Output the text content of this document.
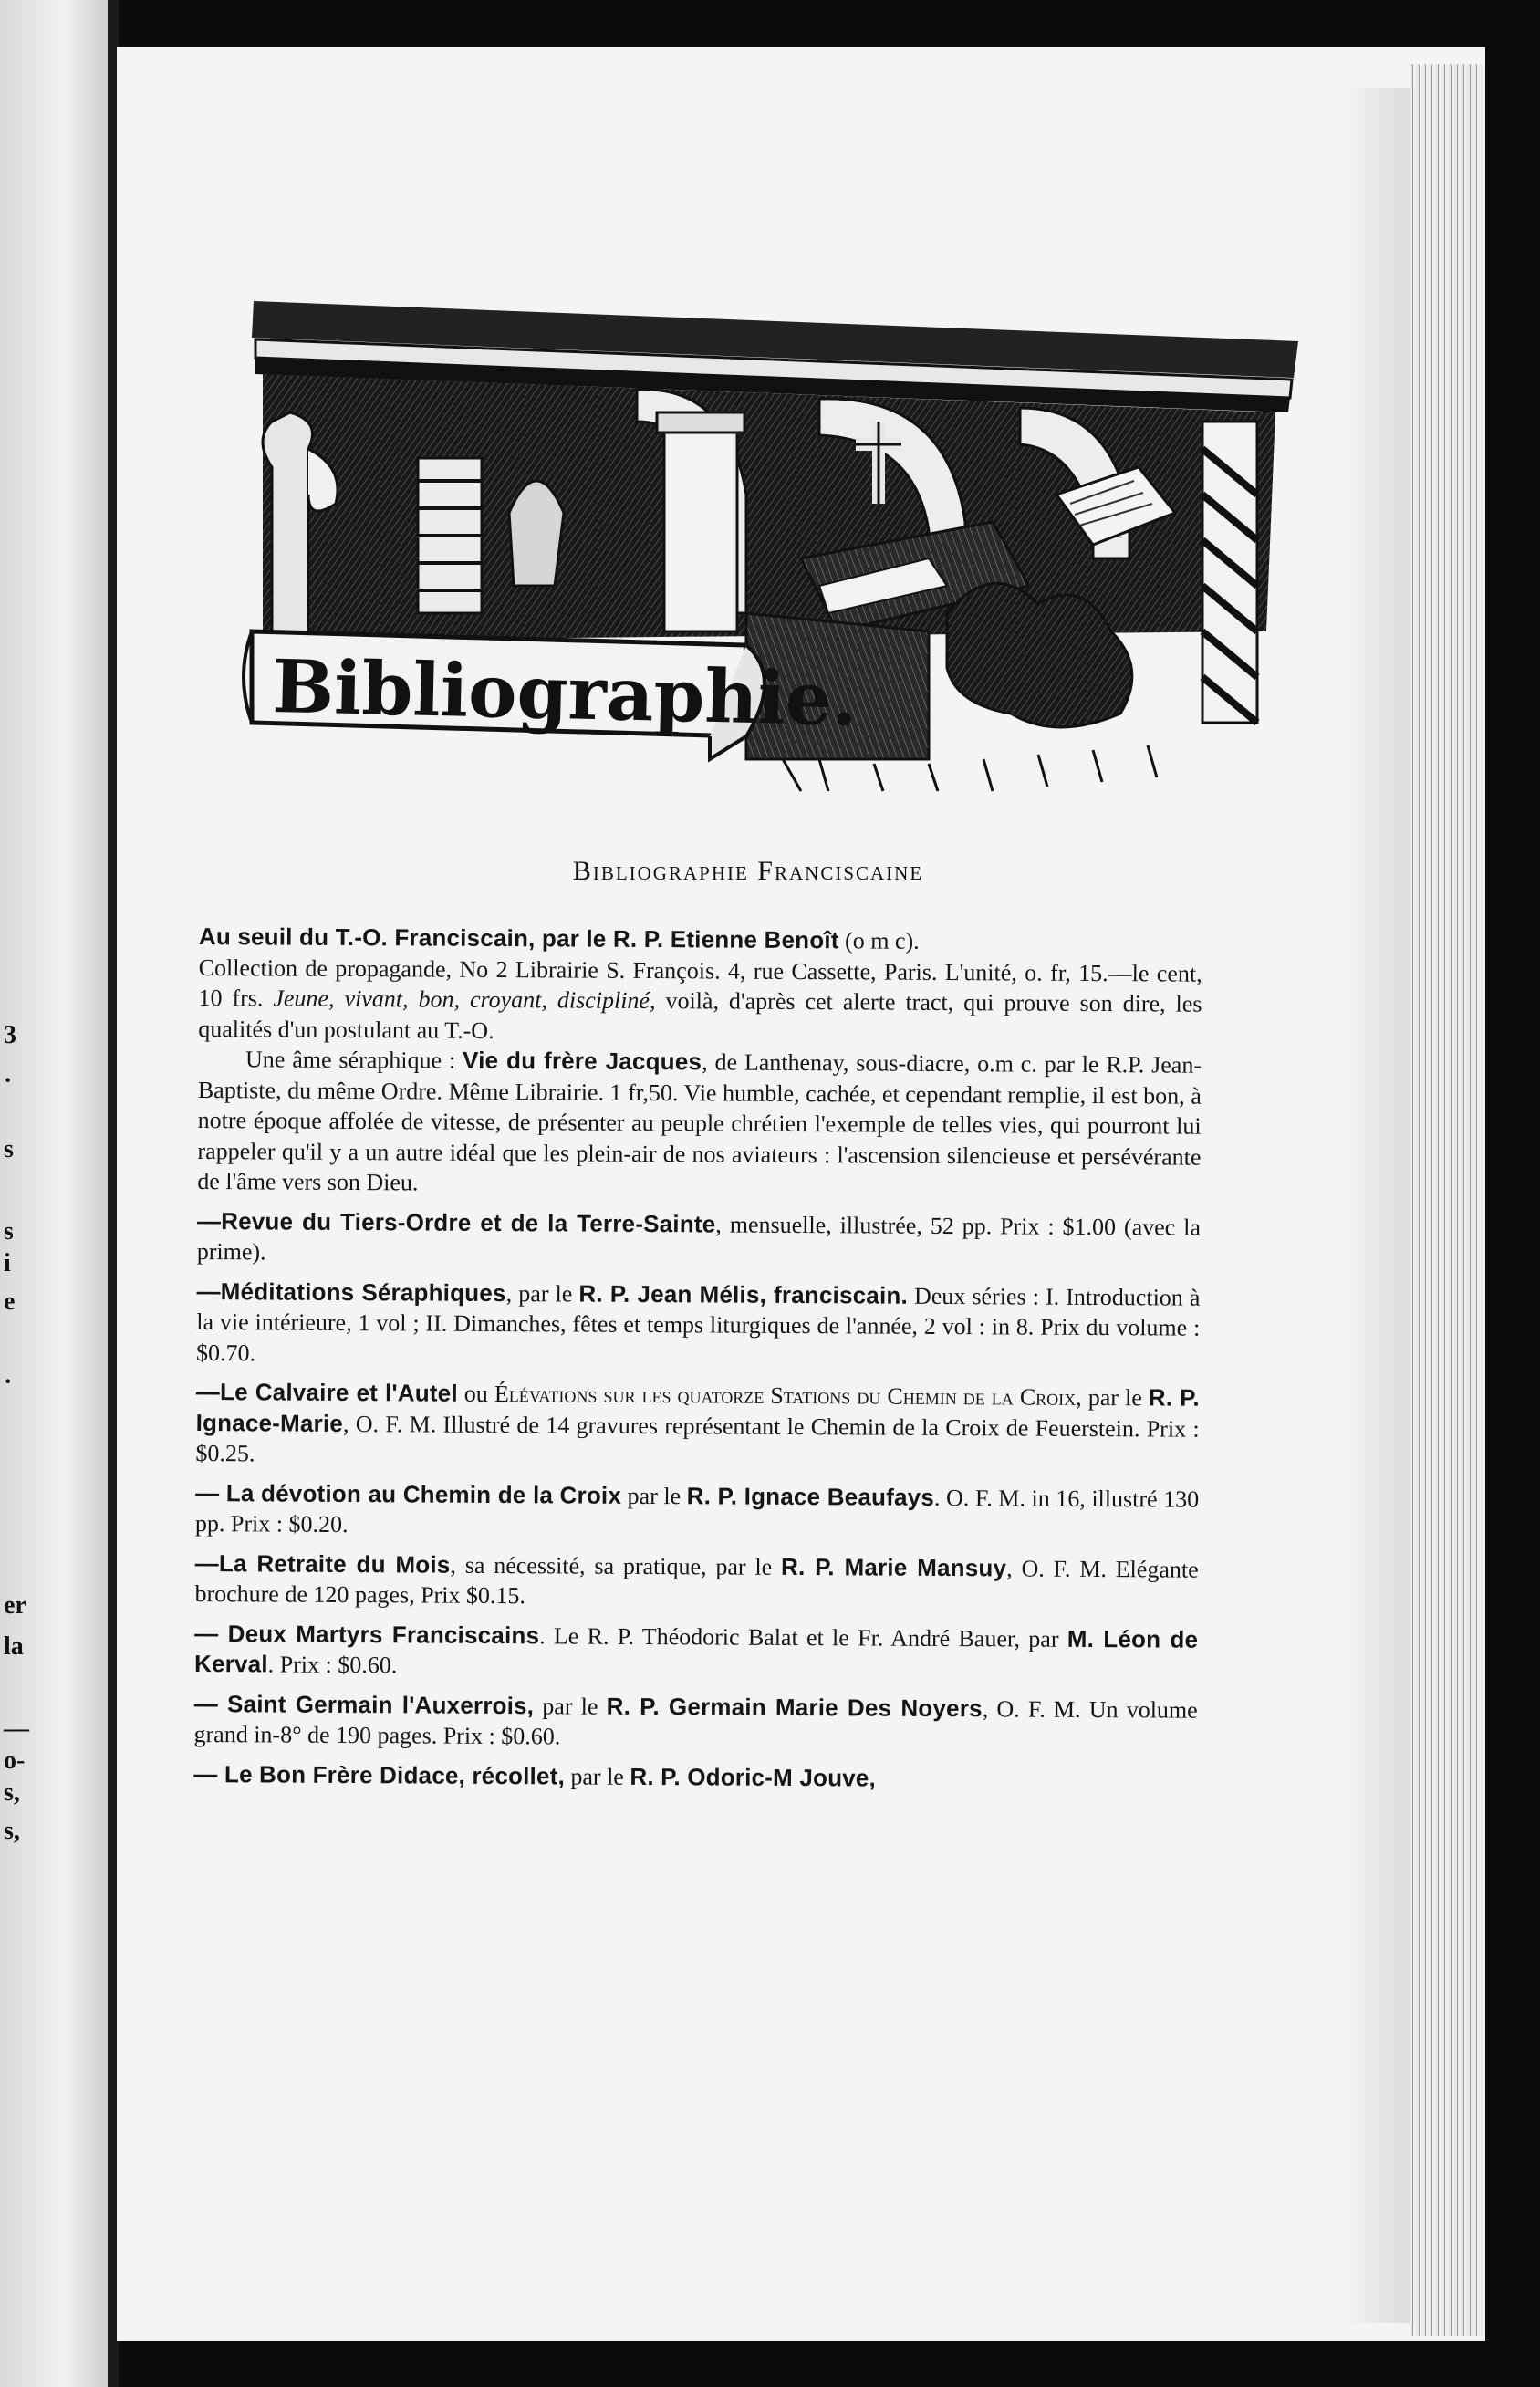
3
·
s
s
i
e
·
er
la
—
o-
s,
s,
Bibliographie.
Bibliographie Franciscaine

Au seuil du T.-O. Franciscain, par le R. P. Etienne Benoît (o m c).

Collection de propagande, No 2 Librairie S. François. 4, rue Cassette, Paris. L'unité, o. fr, 15.—le cent, 10 frs. Jeune, vivant, bon, croyant, discipliné, voilà, d'après cet alerte tract, qui prouve son dire, les qualités d'un postulant au T.-O.

Une âme séraphique : Vie du frère Jacques, de Lanthenay, sous-diacre, o.m c. par le R.P. Jean-Baptiste, du même Ordre. Même Librairie. 1 fr,50. Vie humble, cachée, et cependant remplie, il est bon, à notre époque affolée de vitesse, de présenter au peuple chrétien l'exemple de telles vies, qui pourront lui rappeler qu'il y a un autre idéal que les plein-air de nos aviateurs : l'ascension silencieuse et persévérante de l'âme vers son Dieu.

—Revue du Tiers-Ordre et de la Terre-Sainte, mensuelle, illustrée, 52 pp. Prix : $1.00 (avec la prime).

—Méditations Séraphiques, par le R. P. Jean Mélis, franciscain. Deux séries : I. Introduction à la vie intérieure, 1 vol ; II. Dimanches, fêtes et temps liturgiques de l'année, 2 vol : in 8. Prix du volume : $0.70.

—Le Calvaire et l'Autel ou Élévations sur les quatorze Stations du Chemin de la Croix, par le R. P. Ignace-Marie, O. F. M. Illustré de 14 gravures représentant le Chemin de la Croix de Feuerstein. Prix : $0.25.

— La dévotion au Chemin de la Croix par le R. P. Ignace Beaufays. O. F. M. in 16, illustré 130 pp. Prix : $0.20.

—La Retraite du Mois, sa nécessité, sa pratique, par le R. P. Marie Mansuy, O. F. M. Elégante brochure de 120 pages, Prix $0.15.

— Deux Martyrs Franciscains. Le R. P. Théodoric Balat et le Fr. André Bauer, par M. Léon de Kerval. Prix : $0.60.

— Saint Germain l'Auxerrois, par le R. P. Germain Marie Des Noyers, O. F. M. Un volume grand in-8° de 190 pages. Prix : $0.60.

— Le Bon Frère Didace, récollet, par le R. P. Odoric-M Jouve,
